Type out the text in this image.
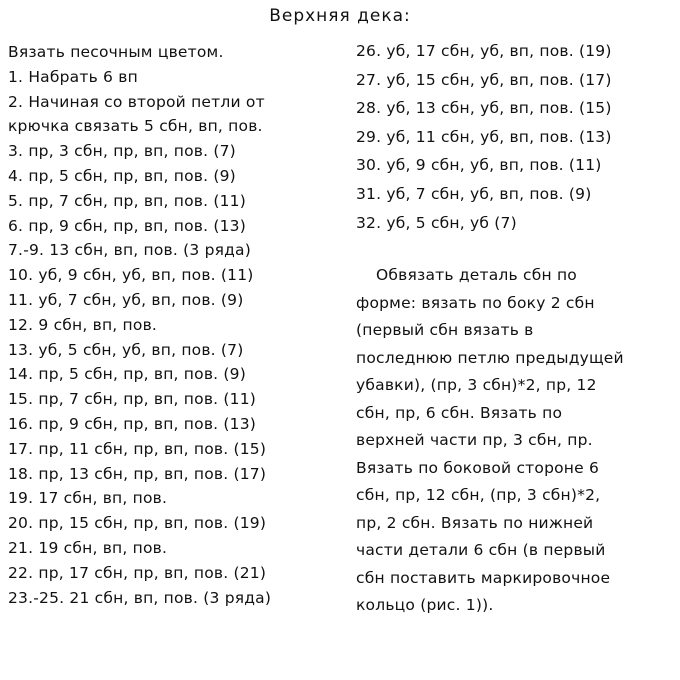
Верхняя дека:
Вязать песочным цветом.
1. Набрать 6 вп
2. Начиная со второй петли от
крючка связать 5 сбн, вп, пов.
3. пр, 3 сбн, пр, вп, пов. (7)
4. пр, 5 сбн, пр, вп, пов. (9)
5. пр, 7 сбн, пр, вп, пов. (11)
6. пр, 9 сбн, пр, вп, пов. (13)
7.-9. 13 сбн, вп, пов. (3 ряда)
10. уб, 9 сбн, уб, вп, пов. (11)
11. уб, 7 сбн, уб, вп, пов. (9)
12. 9 сбн, вп, пов.
13. уб, 5 сбн, уб, вп, пов. (7)
14. пр, 5 сбн, пр, вп, пов. (9)
15. пр, 7 сбн, пр, вп, пов. (11)
16. пр, 9 сбн, пр, вп, пов. (13)
17. пр, 11 сбн, пр, вп, пов. (15)
18. пр, 13 сбн, пр, вп, пов. (17)
19. 17 сбн, вп, пов.
20. пр, 15 сбн, пр, вп, пов. (19)
21. 19 сбн, вп, пов.
22. пр, 17 сбн, пр, вп, пов. (21)
23.-25. 21 сбн, вп, пов. (3 ряда)
26. уб, 17 сбн, уб, вп, пов. (19)
27. уб, 15 сбн, уб, вп, пов. (17)
28. уб, 13 сбн, уб, вп, пов. (15)
29. уб, 11 сбн, уб, вп, пов. (13)
30. уб, 9 сбн, уб, вп, пов. (11)
31. уб, 7 сбн, уб, вп, пов. (9)
32. уб, 5 сбн, уб (7)
Обвязать деталь сбн по
форме: вязать по боку 2 сбн
(первый сбн вязать в
последнюю петлю предыдущей
убавки), (пр, 3 сбн)*2, пр, 12
сбн, пр, 6 сбн. Вязать по
верхней части пр, 3 сбн, пр.
Вязать по боковой стороне 6
сбн, пр, 12 сбн, (пр, 3 сбн)*2,
пр, 2 сбн. Вязать по нижней
части детали 6 сбн (в первый
сбн поставить маркировочное
кольцо (рис. 1)).
